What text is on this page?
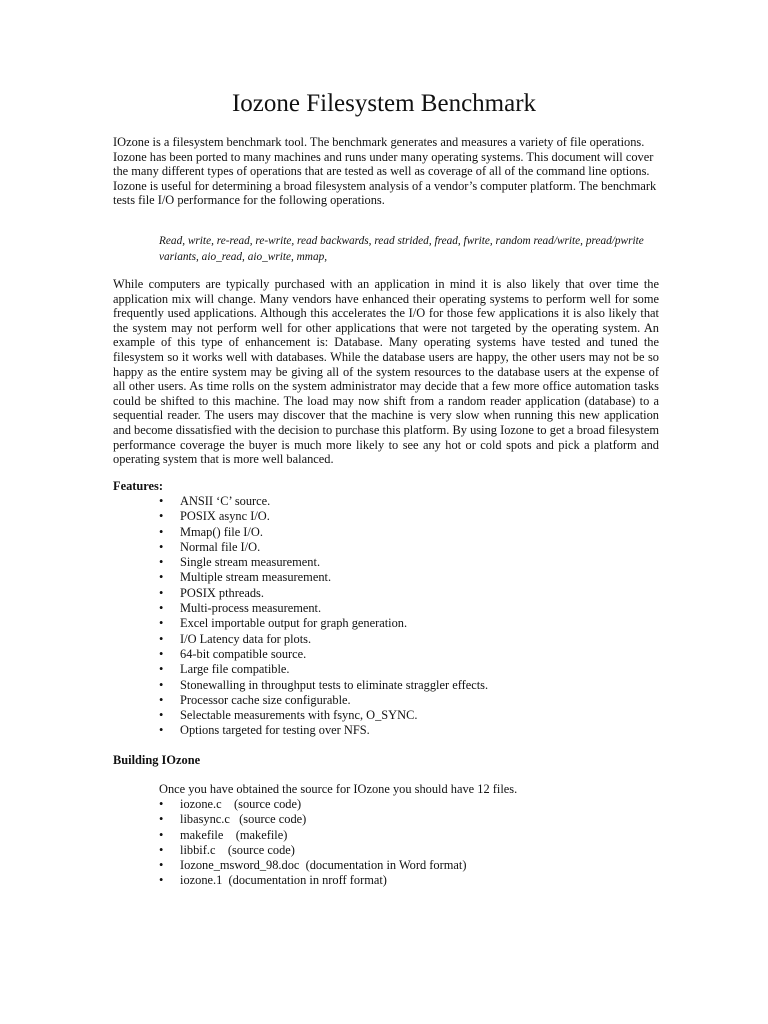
Iozone Filesystem Benchmark

IOzone is a filesystem benchmark tool. The benchmark generates and measures a variety of file operations. Iozone has been ported to many machines and runs under many operating systems. This document will cover the many different types of operations that are tested as well as coverage of all of the command line options.

Iozone is useful for determining a broad filesystem analysis of a vendor’s computer platform. The benchmark tests file I/O performance for the following operations.

Read, write, re-read, re-write, read backwards, read strided, fread, fwrite, random read/write, pread/pwrite variants, aio_read, aio_write, mmap,

While computers are typically purchased with an application in mind it is also likely that over time the application mix will change. Many vendors have enhanced their operating systems to perform well for some frequently used applications. Although this accelerates the I/O for those few applications it is also likely that the system may not perform well for other applications that were not targeted by the operating system. An example of this type of enhancement is: Database. Many operating systems have tested and tuned the filesystem so it works well with databases. While the database users are happy, the other users may not be so happy as the entire system may be giving all of the system resources to the database users at the expense of all other users. As time rolls on the system administrator may decide that a few more office automation tasks could be shifted to this machine. The load may now shift from a random reader application (database) to a sequential reader. The users may discover that the machine is very slow when running this new application and become dissatisfied with the decision to purchase this platform. By using Iozone to get a broad filesystem performance coverage the buyer is much more likely to see any hot or cold spots and pick a platform and operating system that is more well balanced.

Features:

• ANSII ‘C’ source.
• POSIX async I/O.
• Mmap() file I/O.
• Normal file I/O.
• Single stream measurement.
• Multiple stream measurement.
• POSIX pthreads.
• Multi-process measurement.
• Excel importable output for graph generation.
• I/O Latency data for plots.
• 64-bit compatible source.
• Large file compatible.
• Stonewalling in throughput tests to eliminate straggler effects.
• Processor cache size configurable.
• Selectable measurements with fsync, O_SYNC.
• Options targeted for testing over NFS.

Building IOzone

Once you have obtained the source for IOzone you should have 12 files.

• iozone.c    (source code)
• libasync.c   (source code)
• makefile    (makefile)
• libbif.c    (source code)
• Iozone_msword_98.doc  (documentation in Word format)
• iozone.1  (documentation in nroff format)
